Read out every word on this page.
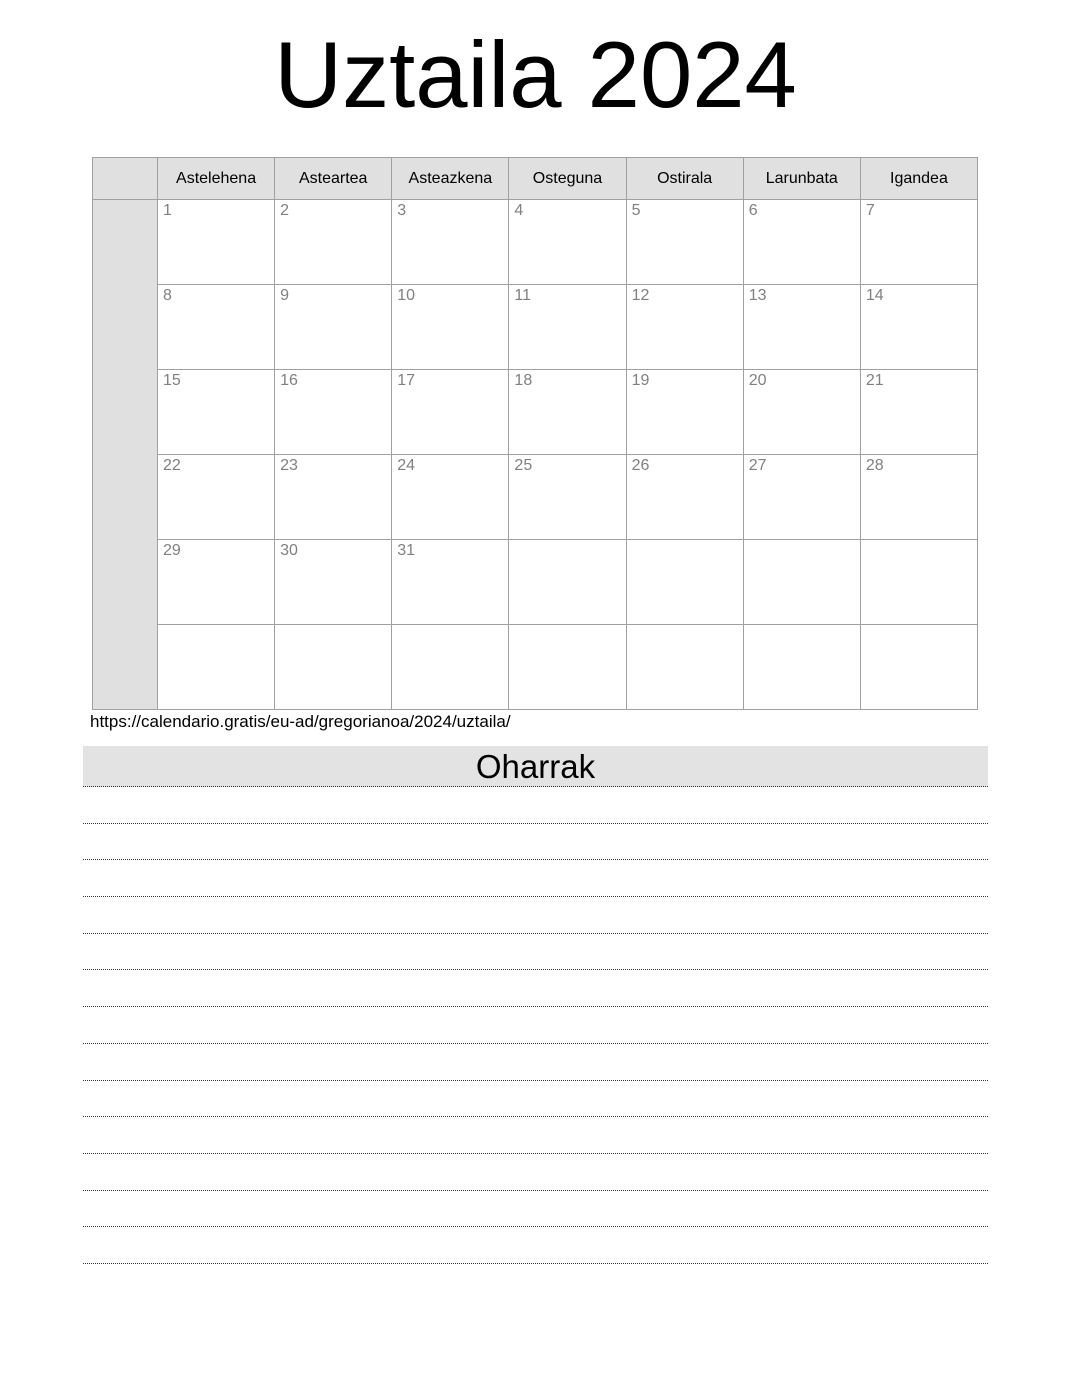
Uztaila 2024
	Astelehena	Asteartea	Asteazkena	Osteguna	Ostirala	Larunbata	Igandea
	1	2	3	4	5	6	7
	8	9	10	11	12	13	14
	15	16	17	18	19	20	21
	22	23	24	25	26	27	28
	29	30	31				

https://calendario.gratis/eu-ad/gregorianoa/2024/uztaila/
Oharrak
